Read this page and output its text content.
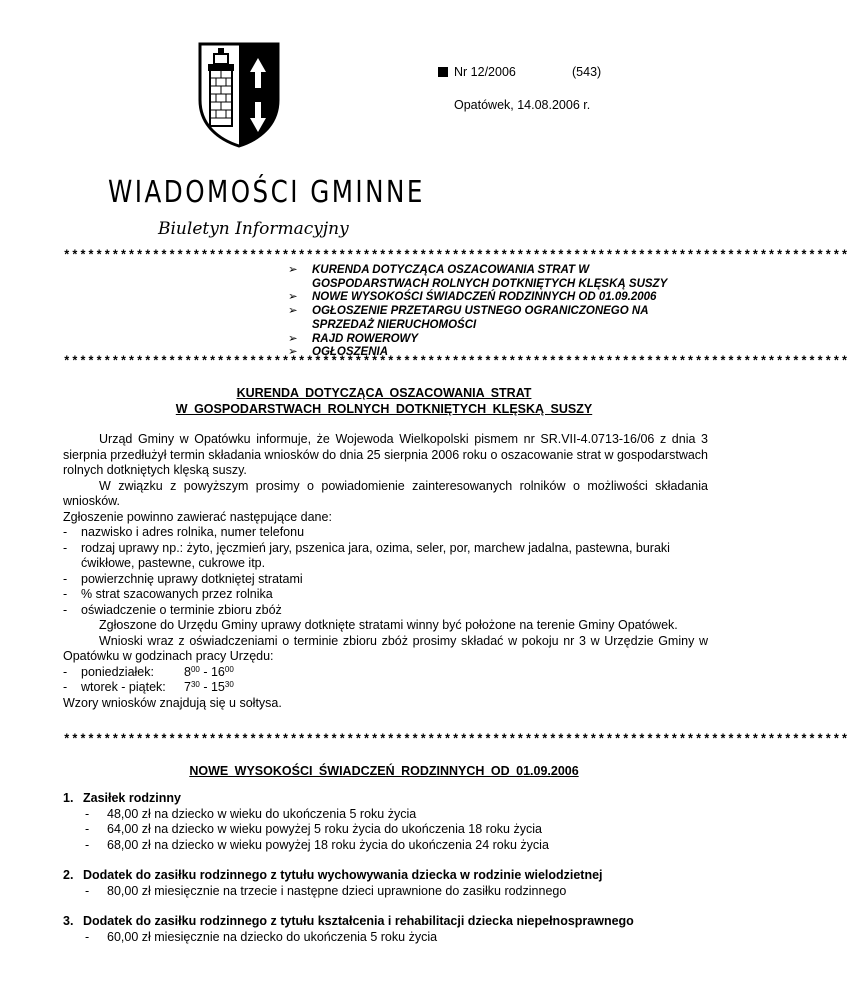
Nr 12/2006	(543)
Opatówek, 14.08.2006 r.
WIADOMOŚCI GMINNE
Biuletyn Informacyjny
*************************************************************************************************
➢ KURENDA DOTYCZĄCA OSZACOWANIA STRAT W GOSPODARSTWACH ROLNYCH DOTKNIĘTYCH KLĘSKĄ SUSZY
➢ NOWE WYSOKOŚCI ŚWIADCZEŃ RODZINNYCH OD 01.09.2006
➢ OGŁOSZENIE PRZETARGU USTNEGO OGRANICZONEGO NA SPRZEDAŻ NIERUCHOMOŚCI
➢ RAJD ROWEROWY
➢ OGŁOSZENIA
*************************************************************************************************
KURENDA DOTYCZĄCA OSZACOWANIA STRAT
W GOSPODARSTWACH ROLNYCH DOTKNIĘTYCH KLĘSKĄ SUSZY

Urząd Gminy w Opatówku informuje, że Wojewoda Wielkopolski pismem nr SR.VII-4.0713-16/06 z dnia 3 sierpnia przedłużył termin składania wniosków do dnia 25 sierpnia 2006 roku o oszacowanie strat w gospodarstwach rolnych dotkniętych klęską suszy.

W związku z powyższym prosimy o powiadomienie zainteresowanych rolników o możliwości składania wniosków.

Zgłoszenie powinno zawierać następujące dane:

- nazwisko i adres rolnika, numer telefonu
- rodzaj uprawy np.: żyto, jęczmień jary, pszenica jara, ozima, seler, por, marchew jadalna, pastewna, buraki ćwikłowe, pastewne, cukrowe itp.
- powierzchnię uprawy dotkniętej stratami
- % strat szacowanych przez rolnika
- oświadczenie o terminie zbioru zbóż

Zgłoszone do Urzędu Gminy uprawy dotknięte stratami winny być położone na terenie Gminy Opatówek.

Wnioski wraz z oświadczeniami o terminie zbioru zbóż prosimy składać w pokoju nr 3 w Urzędzie Gminy w Opatówku w godzinach pracy Urzędu:

- poniedziałek: $8^{00} - 16^{00}$
- wtorek - piątek: $7^{30} - 15^{30}$

Wzory wniosków znajdują się u sołtysa.

*************************************************************************************************
NOWE WYSOKOŚCI ŚWIADCZEŃ RODZINNYCH OD 01.09.2006
1. Zasiłek rodzinny
- 48,00 zł na dziecko w wieku do ukończenia 5 roku życia
- 64,00 zł na dziecko w wieku powyżej 5 roku życia do ukończenia 18 roku życia
- 68,00 zł na dziecko w wieku powyżej 18 roku życia do ukończenia 24 roku życia
2. Dodatek do zasiłku rodzinnego z tytułu wychowywania dziecka w rodzinie wielodzietnej
- 80,00 zł miesięcznie na trzecie i następne dzieci uprawnione do zasiłku rodzinnego
3. Dodatek do zasiłku rodzinnego z tytułu kształcenia i rehabilitacji dziecka niepełnosprawnego
- 60,00 zł miesięcznie na dziecko do ukończenia 5 roku życia
